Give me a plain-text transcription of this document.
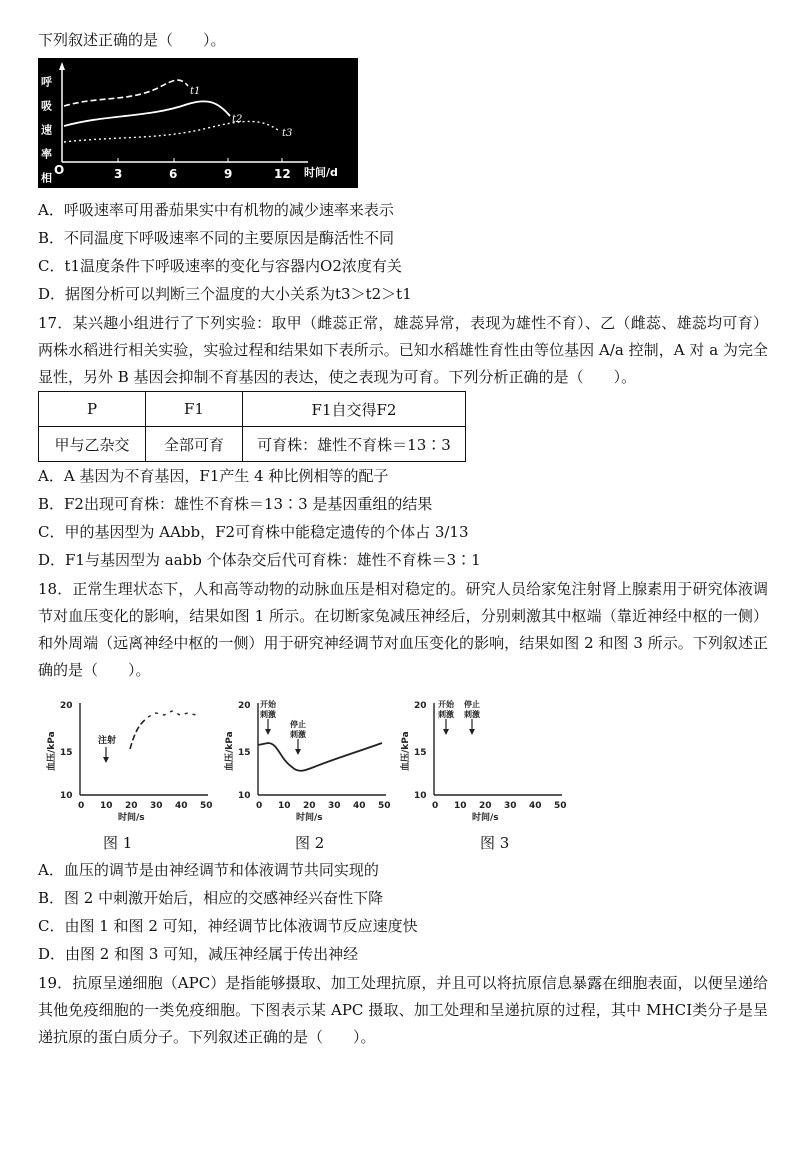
下列叙述正确的是（　　）。
呼吸速率相
O	3	6	9	12 时间/d
t1
t2
t3
A．呼吸速率可用番茄果实中有机物的减少速率来表示
B．不同温度下呼吸速率不同的主要原因是酶活性不同
C．t1温度条件下呼吸速率的变化与容器内O2浓度有关
D．据图分析可以判断三个温度的大小关系为t3＞t2＞t1
17．某兴趣小组进行了下列实验：取甲（雌蕊正常，雄蕊异常，表现为雄性不育）、乙（雌蕊、雄蕊均可育）两株水稻进行相关实验，实验过程和结果如下表所示。已知水稻雄性育性由等位基因 A/a 控制，A 对 a 为完全显性，另外 B 基因会抑制不育基因的表达，使之表现为可育。下列分析正确的是（　　）。
P	F1	F1自交得F2
甲与乙杂交	全部可育	可育株：雄性不育株＝13∶3
A．A 基因为不育基因，F1产生 4 种比例相等的配子
B．F2出现可育株：雄性不育株＝13∶3 是基因重组的结果
C．甲的基因型为 AAbb，F2可育株中能稳定遗传的个体占 3/13
D．F1与基因型为 aabb 个体杂交后代可育株：雄性不育株＝3∶1
18．正常生理状态下，人和高等动物的动脉血压是相对稳定的。研究人员给家兔注射肾上腺素用于研究体液调节对血压变化的影响，结果如图 1 所示。在切断家兔减压神经后，分别刺激其中枢端（靠近神经中枢的一侧）和外周端（远离神经中枢的一侧）用于研究神经调节对血压变化的影响，结果如图 2 和图 3 所示。下列叙述正确的是（　　）。
血压/kPa
20
15
10
0 10 20 30 40 50
时间/s
注射	血压/kPa
20
15
10
0 10 20 30 40 50
时间/s
开始
刺激
停止
刺激	血压/kPa
20
15
10
0 10 20 30 40 50
时间/s
开始
刺激
停止
刺激
图 1	图 2	图 3
A．血压的调节是由神经调节和体液调节共同实现的
B．图 2 中刺激开始后，相应的交感神经兴奋性下降
C．由图 1 和图 2 可知，神经调节比体液调节反应速度快
D．由图 2 和图 3 可知，减压神经属于传出神经
19．抗原呈递细胞（APC）是指能够摄取、加工处理抗原，并且可以将抗原信息暴露在细胞表面，以便呈递给其他免疫细胞的一类免疫细胞。下图表示某 APC 摄取、加工处理和呈递抗原的过程，其中 MHCⅠ类分子是呈递抗原的蛋白质分子。下列叙述正确的是（　　）。
